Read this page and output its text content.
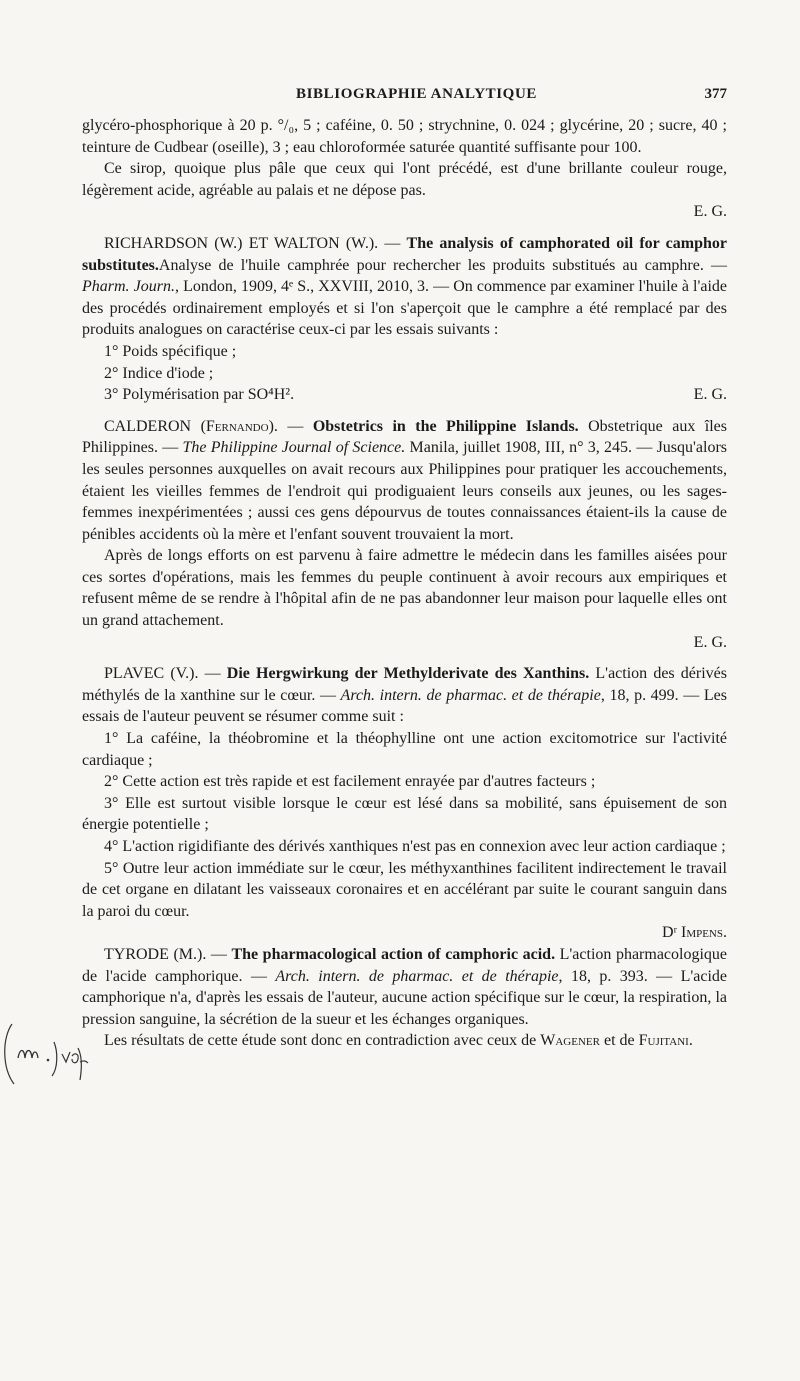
BIBLIOGRAPHIE ANALYTIQUE	377

glycéro-phosphorique à 20 p. °/₀, 5 ; caféine, 0. 50 ; strychnine, 0. 024 ; glycérine, 20 ; sucre, 40 ; teinture de Cudbear (oseille), 3 ; eau chloroformée saturée quantité suffisante pour 100.

Ce sirop, quoique plus pâle que ceux qui l'ont précédé, est d'une brillante couleur rouge, légèrement acide, agréable au palais et ne dépose pas.

E. G.

RICHARDSON (W.) ET WALTON (W.). — The analysis of camphorated oil for camphor substitutes.Analyse de l'huile camphrée pour rechercher les produits substitués au camphre. — Pharm. Journ., London, 1909, 4ᵉ S., XXVIII, 2010, 3. — On commence par examiner l'huile à l'aide des procédés ordinairement employés et si l'on s'aperçoit que le camphre a été remplacé par des produits analogues on caractérise ceux-ci par les essais suivants :

1° Poids spécifique ;

2° Indice d'iode ;

3° Polymérisation par SO⁴H².	E. G.

CALDERON (Fernando). — Obstetrics in the Philippine Islands. Obstetrique aux îles Philippines. — The Philippine Journal of Science. Manila, juillet 1908, III, n° 3, 245. — Jusqu'alors les seules personnes auxquelles on avait recours aux Philippines pour pratiquer les accouchements, étaient les vieilles femmes de l'endroit qui prodiguaient leurs conseils aux jeunes, ou les sages-femmes inexpérimentées ; aussi ces gens dépourvus de toutes connaissances étaient-ils la cause de pénibles accidents où la mère et l'enfant souvent trouvaient la mort.

Après de longs efforts on est parvenu à faire admettre le médecin dans les familles aisées pour ces sortes d'opérations, mais les femmes du peuple continuent à avoir recours aux empiriques et refusent même de se rendre à l'hôpital afin de ne pas abandonner leur maison pour laquelle elles ont un grand attachement.

E. G.

PLAVEC (V.). — Die Hergwirkung der Methylderivate des Xanthins. L'action des dérivés méthylés de la xanthine sur le cœur. — Arch. intern. de pharmac. et de thérapie, 18, p. 499. — Les essais de l'auteur peuvent se résumer comme suit :

1° La caféine, la théobromine et la théophylline ont une action excitomotrice sur l'activité cardiaque ;

2° Cette action est très rapide et est facilement enrayée par d'autres facteurs ;

3° Elle est surtout visible lorsque le cœur est lésé dans sa mobilité, sans épuisement de son énergie potentielle ;

4° L'action rigidifiante des dérivés xanthiques n'est pas en connexion avec leur action cardiaque ;

5° Outre leur action immédiate sur le cœur, les méthyxanthines facilitent indirectement le travail de cet organe en dilatant les vaisseaux coronaires et en accélérant par suite le courant sanguin dans la paroi du cœur.

Dʳ Impens.

TYRODE (M.). — The pharmacological action of camphoric acid. L'action pharmacologique de l'acide camphorique. — Arch. intern. de pharmac. et de thérapie, 18, p. 393. — L'acide camphorique n'a, d'après les essais de l'auteur, aucune action spécifique sur le cœur, la respiration, la pression sanguine, la sécrétion de la sueur et les échanges organiques.

Les résultats de cette étude sont donc en contradiction avec ceux de Wagener et de Fujitani.
